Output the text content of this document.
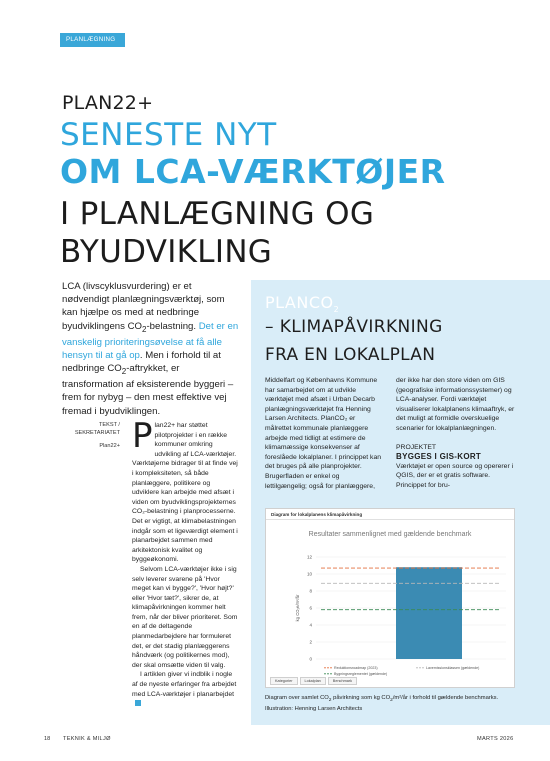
PLANLÆGNING
PLAN22+
SENESTE NYT
OM LCA-VÆRKTØJER
I PLANLÆGNING OG BYUDVIKLING
LCA (livscyklusvurdering) er et nødvendigt planlægningsværktøj, som kan hjælpe os med at nedbringe byudviklingens $CO_2$-belastning. Det er en vanskelig prioriteringsøvelse at få alle hensyn til at gå op. Men i forhold til at nedbringe $CO_2$-aftrykket, er transformation af eksisterende byggeri – frem for nybyg – den mest effektive vej fremad i byudviklingen.
TEKST / SEKRETARIATET
Plan22+ Plan22+ har støttet pilotprojekter i en række kommuner omkring udvikling af LCA-værktøjer. Værktøjerne bidrager til at finde vej i kompleksiteten, så både planlæggere, politikere og udviklere kan arbejde med afsæt i viden om byudviklingsprojekternes CO₂-belastning i planprocesserne. Det er vigtigt, at klimabelastningen indgår som et ligeværdigt element i planarbejdet sammen med arkitektonisk kvalitet og byggeøkonomi.

Selvom LCA-værktøjer ikke i sig selv leverer svarene på 'Hvor meget kan vi bygge?', 'Hvor højt?' eller 'Hvor tæt?', sikrer de, at klimapåvirkningen kommer helt frem, når der bliver prioriteret. Som en af de deltagende planmedarbejdere har formuleret det, er det stadig planlæggerens håndværk (og politikernes mod), der skal omsætte viden til valg.

I artiklen giver vi indblik i nogle af de nyeste erfaringer fra arbejdet med LCA-værktøjer i planarbejdet

$PLANCO_2$
– KLIMAPÅVIRKNING
FRA EN LOKALPLAN
Middelfart og Københavns Kommune har samarbejdet om at udvikle værktøjet med afsæt i Urban Decarb planlægningsværktøjet fra Henning Larsen Architects. PlanCO₂ er målrettet kommunale planlæggere arbejde med tidligt at estimere de klimamæssige konsekvenser af foreslåede lokalplaner. I princippet kan det bruges på alle planprojekter. Brugerfladen er enkel og lettilgængelig; også for planlæggere,
der ikke har den store viden om GIS (geografiske informationssystemer) og LCA-analyser. Fordi værktøjet visualiserer lokalplanens klimaaftryk, er det muligt at formidle overskuelige scenarier for lokalplanlægningen.
PROJEKTET
BYGGES I GIS-KORT
Værktøjet er open source og opererer i QGIS, der er et gratis software. Princippet for bru-
Diagram for lokalplanens klimapåvirkning
Resultater sammenlignet med gældende benchmark
0
2
4
6
8
10
12
kg CO₂e/m²/år
Reduktionsroadmap (2023)	Lavemissionsklassen (gældende)
Bygningsreglementet (gældende)
Kategorier	Lokalplan	Benchmark
Diagram over samlet $CO_2$ påvirkning som kg $CO_2/m^2/år$ i forhold til gældende benchmarks.
Illustration: Henning Larsen Architects
18 TEKNIK & MILJØ	MARTS 2026
